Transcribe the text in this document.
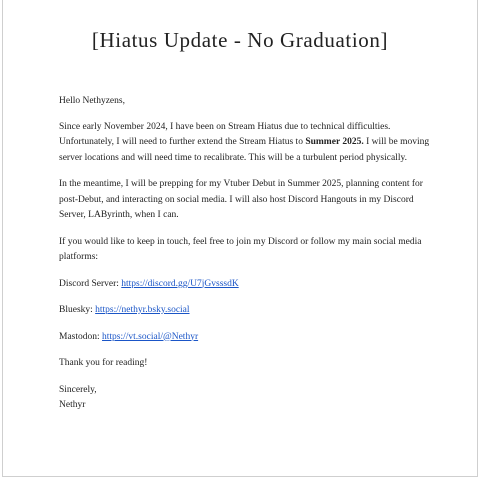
[Hiatus Update - No Graduation]

Hello Nethyzens,

Since early November 2024, I have been on Stream Hiatus due to technical difficulties. Unfortunately, I will need to further extend the Stream Hiatus to Summer 2025. I will be moving server locations and will need time to recalibrate. This will be a turbulent period physically.

In the meantime, I will be prepping for my Vtuber Debut in Summer 2025, planning content for post-Debut, and interacting on social media. I will also host Discord Hangouts in my Discord Server, LAByrinth, when I can.

If you would like to keep in touch, feel free to join my Discord or follow my main social media platforms:

Discord Server: https://discord.gg/U7jGvsssdK

Bluesky: https://nethyr.bsky.social

Mastodon: https://vt.social/@Nethyr

Thank you for reading!

Sincerely,
Nethyr
